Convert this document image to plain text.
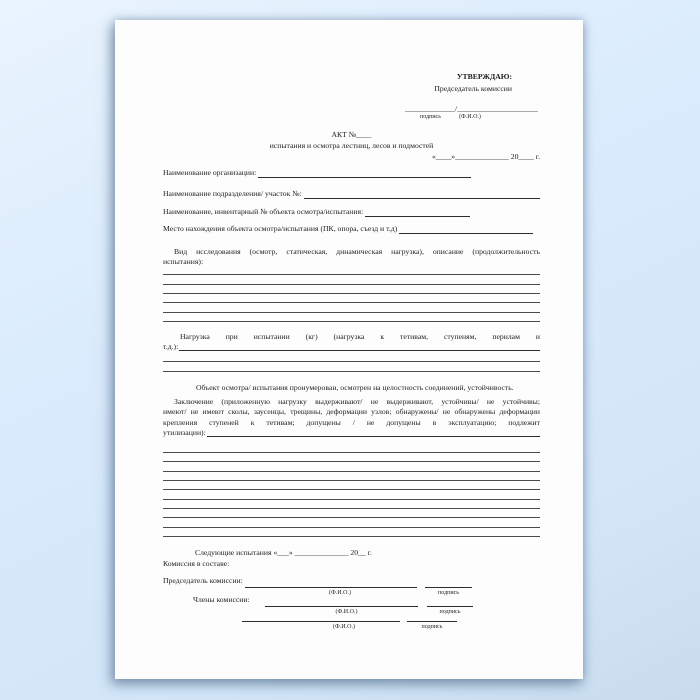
УТВЕРЖДАЮ:
Председатель комиссии
_____________/_____________________
подпись	(Ф.И.О.)
АКТ №____
испытания и осмотра лестниц, лесов и подмостей
«____»______________ 20____ г.
Наименование организации:
Наименование подразделения/ участок №:
Наименование, инвентарный № объекта осмотра/испытания:
Место нахождения объекта осмотра/испытания (ПК, опора, съезд и т.д)
Вид исследования (осмотр, статическая, динамическая нагрузка), описание (продолжительность
испытания):
Нагрузка при испытании (кг) (нагрузка к тетивам, ступеням, перилам и
т.д.):
Объект осмотра/ испытания пронумерован, осмотрен на целостность соединений, устойчивость.
Заключение (приложенную нагрузку выдерживают/ не выдерживают, устойчивы/ не устойчивы;
имеют/ не имеют сколы, заусенцы, трещины, деформации узлов; обнаружены/ не обнаружены деформации
крепления ступеней к тетивам; допущены / не допущены в эксплуатацию; подлежит
утилизации):
Следующие испытания «___» ______________ 20__ г.
Комиссия в составе:
Председатель комиссии:
(Ф.И.О.)	подпись
Члены комиссии:
(Ф.И.О.)	подпись
(Ф.И.О.)	подпись
